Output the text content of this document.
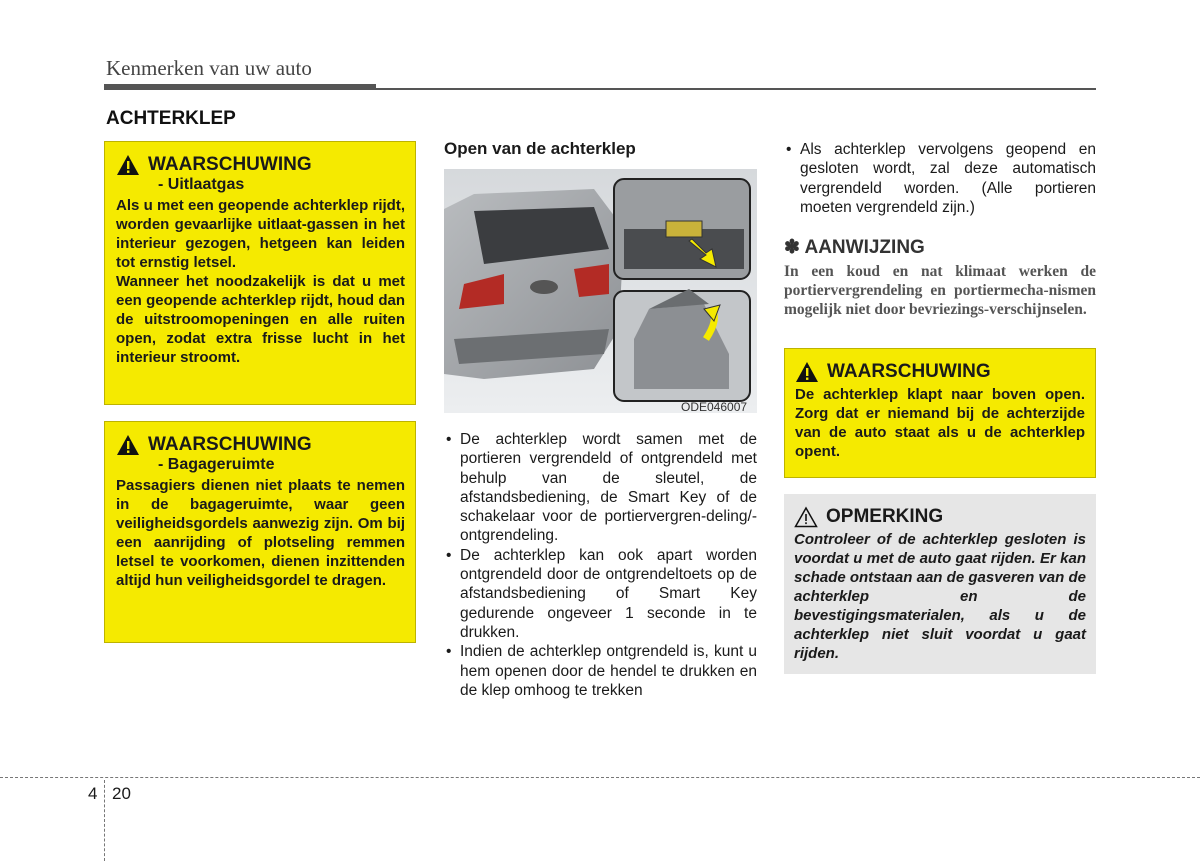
Kenmerken van uw auto
ACHTERKLEP
WAARSCHUWING
- Uitlaatgas

Als u met een geopende achterklep rijdt, worden gevaarlijke uitlaat-gassen in het interieur gezogen, hetgeen kan leiden tot ernstig letsel.

Wanneer het noodzakelijk is dat u met een geopende achterklep rijdt, houd dan de uitstroomopeningen en alle ruiten open, zodat extra frisse lucht in het interieur stroomt.

WAARSCHUWING
- Bagageruimte

Passagiers dienen niet plaats te nemen in de bagageruimte, waar geen veiligheidsgordels aanwezig zijn. Om bij een aanrijding of plotseling remmen letsel te voorkomen, dienen inzittenden altijd hun veiligheidsgordel te dragen.

Open van de achterklep
ODE046007
• De achterklep wordt samen met de portieren vergrendeld of ontgrendeld met behulp van de sleutel, de afstandsbediening, de Smart Key of de schakelaar voor de portiervergren-deling/-ontgrendeling.
• De achterklep kan ook apart worden ontgrendeld door de ontgrendeltoets op de afstandsbediening of Smart Key gedurende ongeveer 1 seconde in te drukken.
• Indien de achterklep ontgrendeld is, kunt u hem openen door de hendel te drukken en de klep omhoog te trekken
• Als achterklep vervolgens geopend en gesloten wordt, zal deze automatisch vergrendeld worden. (Alle portieren moeten vergrendeld zijn.)
✽ AANWIJZING
In een koud en nat klimaat werken de portiervergrendeling en portiermecha-nismen mogelijk niet door bevriezings-verschijnselen.
WAARSCHUWING
De achterklep klapt naar boven open. Zorg dat er niemand bij de achterzijde van de auto staat als u de achterklep opent.
OPMERKING
Controleer of de achterklep gesloten is voordat u met de auto gaat rijden. Er kan schade ontstaan aan de gasveren van de achterklep en de bevestigingsmaterialen, als u de achterklep niet sluit voordat u gaat rijden.
4 20
